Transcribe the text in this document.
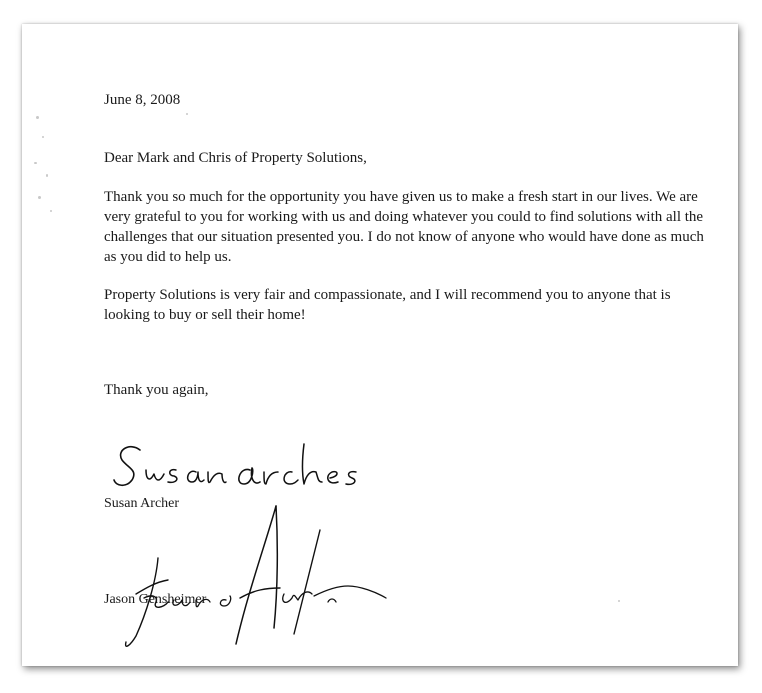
June 8, 2008

Dear Mark and Chris of Property Solutions,

Thank you so much for the opportunity you have given us to make a fresh start in our lives. We are very grateful to you for working with us and doing whatever you could to find solutions with all the challenges that our situation presented you. I do not know of anyone who would have done as much as you did to help us.

Property Solutions is very fair and compassionate, and I will recommend you to anyone that is looking to buy or sell their home!

Thank you again,

Susan Archer

Jason Gensheimer
